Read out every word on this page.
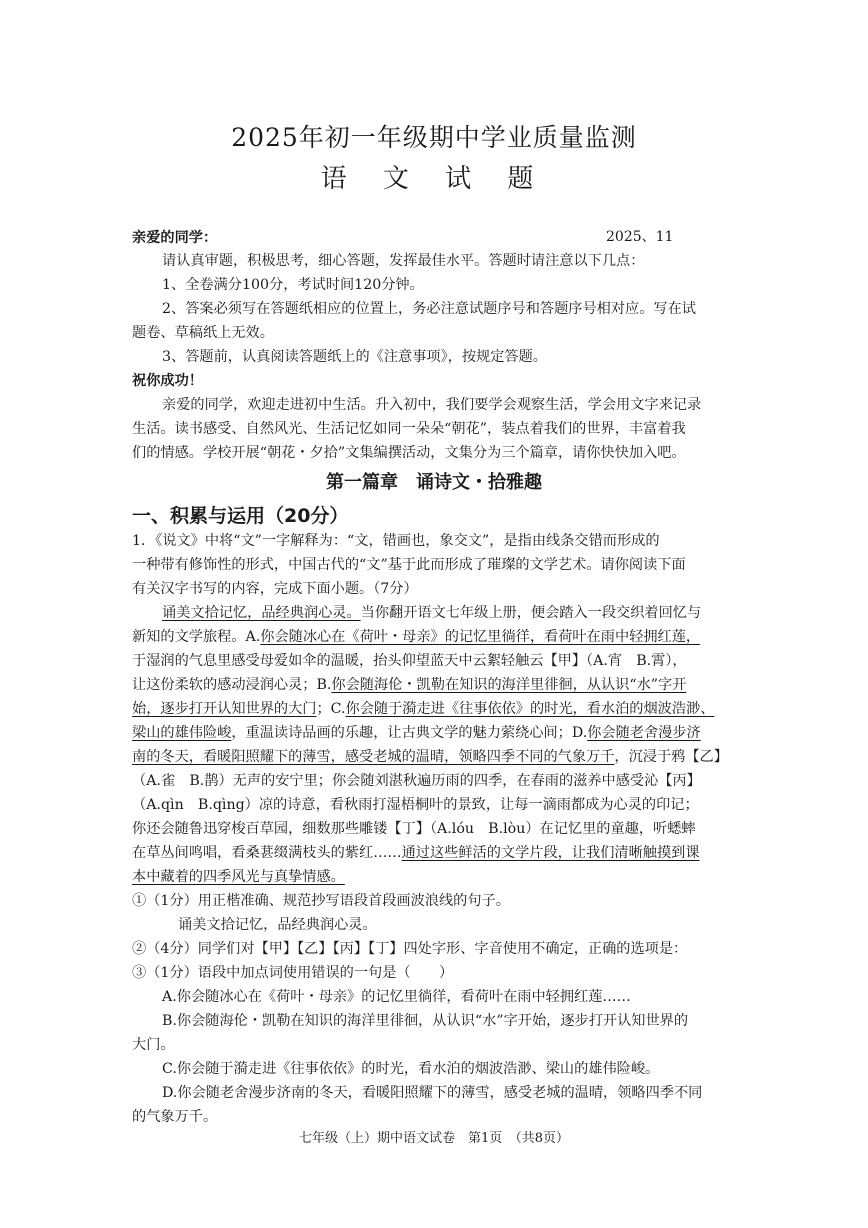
2025年初一年级期中学业质量监测
语 文 试 题
亲爱的同学：	2025、11
请认真审题，积极思考，细心答题，发挥最佳水平。答题时请注意以下几点：
1、全卷满分100分，考试时间120分钟。
2、答案必须写在答题纸相应的位置上，务必注意试题序号和答题序号相对应。写在试
题卷、草稿纸上无效。
3、答题前，认真阅读答题纸上的《注意事项》，按规定答题。
祝你成功！
亲爱的同学，欢迎走进初中生活。升入初中，我们要学会观察生活，学会用文字来记录
生活。读书感受、自然风光、生活记忆如同一朵朵“朝花”，装点着我们的世界，丰富着我
们的情感。学校开展“朝花・夕拾”文集编撰活动，文集分为三个篇章，请你快快加入吧。
第一篇章　诵诗文・拾雅趣
一、积累与运用（20分）
1．《说文》中将“文”一字解释为：“文，错画也，象交文”，是指由线条交错而形成的
一种带有修饰性的形式，中国古代的“文”基于此而形成了璀璨的文学艺术。请你阅读下面
有关汉字书写的内容，完成下面小题。（7分）
诵美文拾记忆，品经典润心灵。当你翻开语文七年级上册，便会踏入一段交织着回忆与
新知的文学旅程。A.你会随冰心在《荷叶・母亲》的记忆里徜徉，看荷叶在雨中轻拥红莲，
于湿润的气息里感受母爱如伞的温暖，抬头仰望蓝天中云絮轻触云【甲】（A.宵　B.霄），
让这份柔软的感动浸润心灵；B.你会随海伦・凯勒在知识的海洋里徘徊，从认识“水”字开
始，逐步打开认知世界的大门；C.你会随于漪走进《往事依依》的时光，看水泊的烟波浩渺、
梁山的雄伟险峻，重温读诗品画的乐趣，让古典文学的魅力萦绕心间；D.你会随老舍漫步济
南的冬天，看暖阳照耀下的薄雪，感受老城的温晴，领略四季不同的气象万千，沉浸于鸦【乙】
（A.雀　B.鹊）无声的安宁里；你会随刘湛秋遍历雨的四季，在春雨的滋养中感受沁【丙】
（A.qìn　B.qìng）凉的诗意，看秋雨打湿梧桐叶的景致，让每一滴雨都成为心灵的印记；
你还会随鲁迅穿梭百草园，细数那些雕镂【丁】（A.lóu　B.lòu）在记忆里的童趣，听蟋蟀
在草丛间鸣唱，看桑葚缀满枝头的紫红……通过这些鲜活的文学片段，让我们清晰触摸到课
本中藏着的四季风光与真挚情感。
①（1分）用正楷准确、规范抄写语段首段画波浪线的句子。
诵美文拾记忆，品经典润心灵。
②（4分）同学们对【甲】【乙】【丙】【丁】四处字形、字音使用不确定，正确的选项是：
③（1分）语段中加点词使用错误的一句是（　　）
A.你会随冰心在《荷叶・母亲》的记忆里徜徉，看荷叶在雨中轻拥红莲……
B.你会随海伦・凯勒在知识的海洋里徘徊，从认识“水”字开始，逐步打开认知世界的
大门。
C.你会随于漪走进《往事依依》的时光，看水泊的烟波浩渺、梁山的雄伟险峻。
D.你会随老舍漫步济南的冬天，看暖阳照耀下的薄雪，感受老城的温晴，领略四季不同
的气象万千。
七年级（上）期中语文试卷　第1页　（共8页）
